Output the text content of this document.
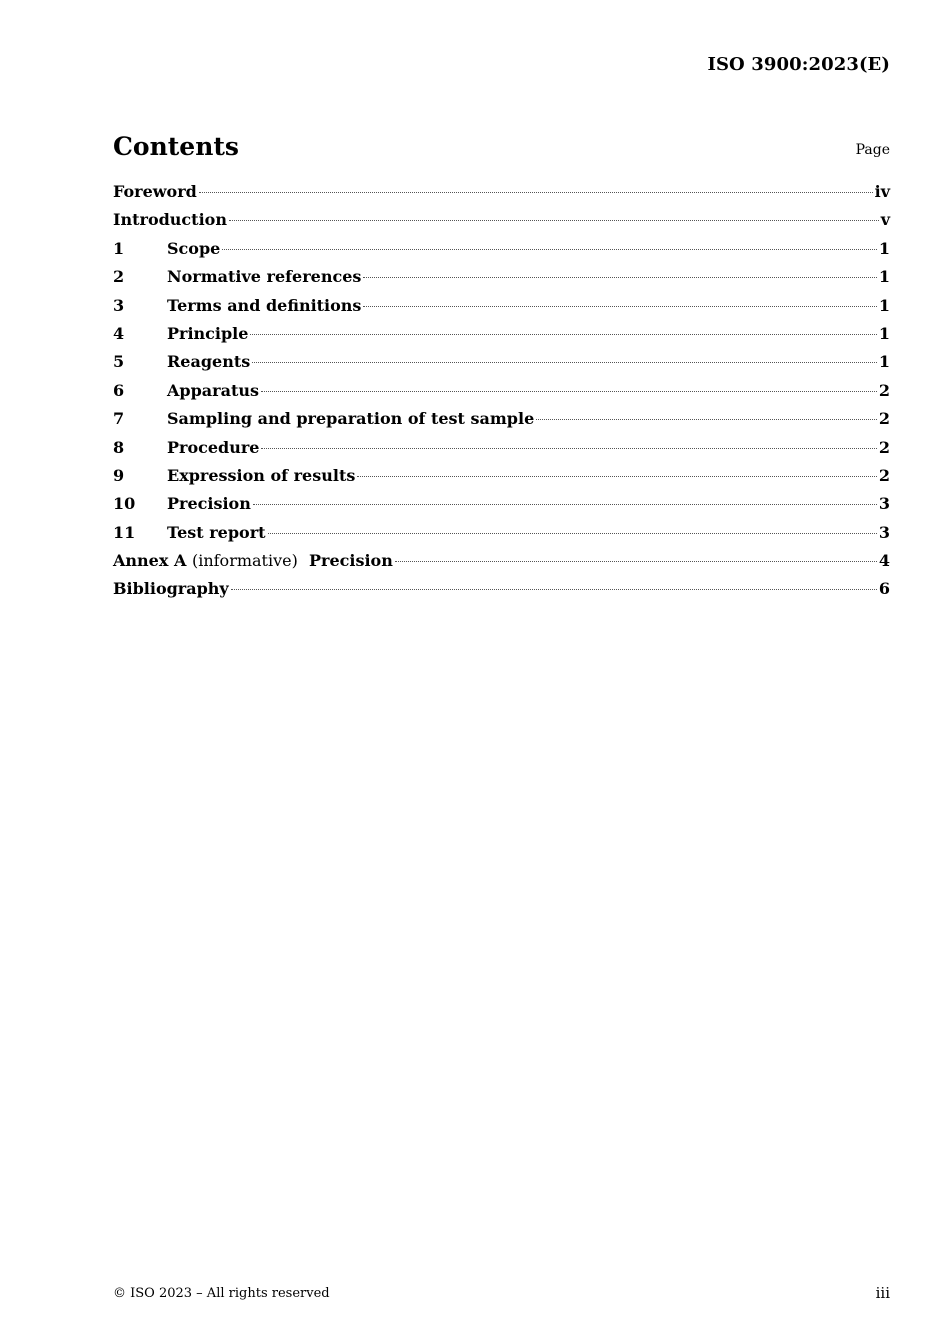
ISO 3900:2023(E)
Contents	Page
Foreword	iv
Introduction	v
1	Scope	1
2	Normative references	1
3	Terms and definitions	1
4	Principle	1
5	Reagents	1
6	Apparatus	2
7	Sampling and preparation of test sample	2
8	Procedure	2
9	Expression of results	2
10	Precision	3
11	Test report	3
Annex A (informative) Precision	4
Bibliography	6
© ISO 2023 – All rights reserved	iii
